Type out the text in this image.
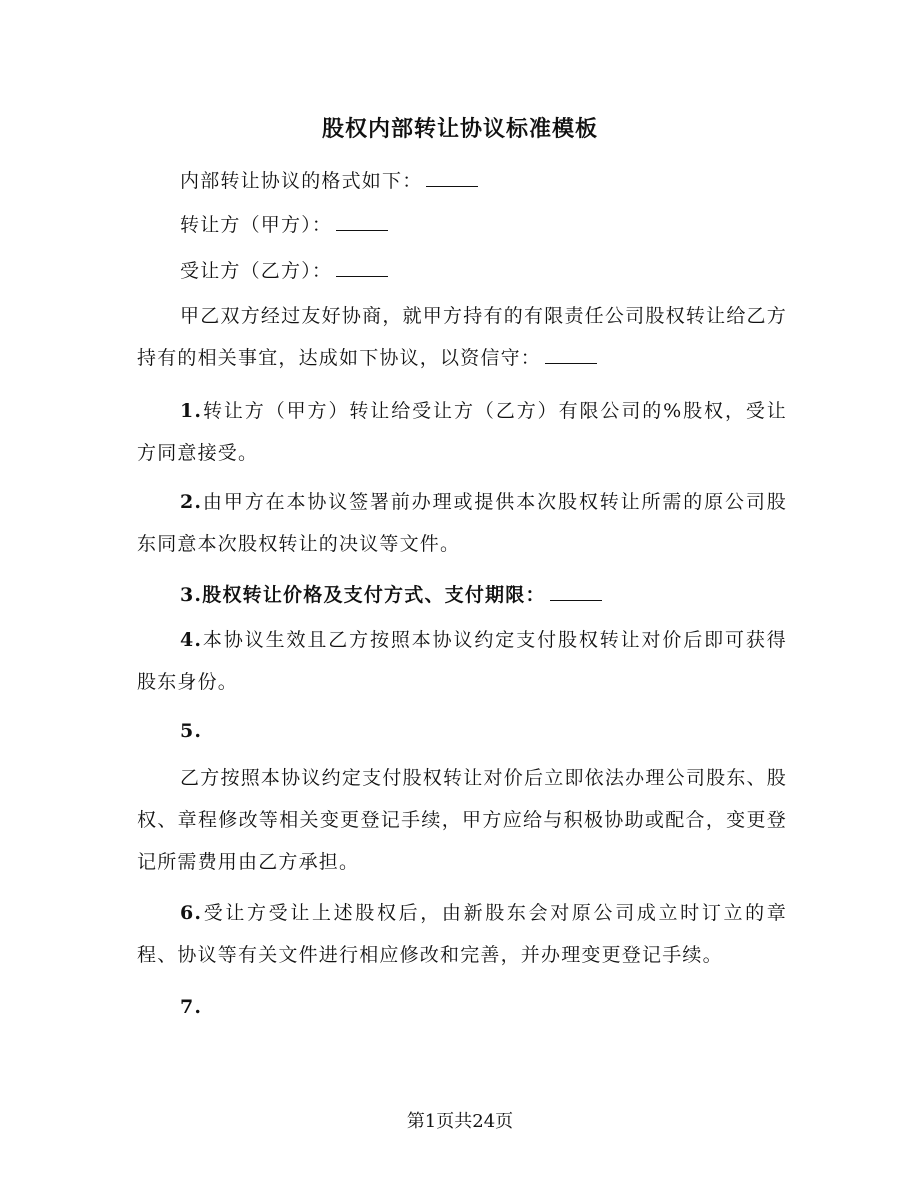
股权内部转让协议标准模板

内部转让协议的格式如下：

转让方（甲方）：

受让方（乙方）：

甲乙双方经过友好协商，就甲方持有的有限责任公司股权转让给乙方持有的相关事宜，达成如下协议，以资信守：

1.转让方（甲方）转让给受让方（乙方）有限公司的%股权，受让方同意接受。

2.由甲方在本协议签署前办理或提供本次股权转让所需的原公司股东同意本次股权转让的决议等文件。

3.股权转让价格及支付方式、支付期限：

4.本协议生效且乙方按照本协议约定支付股权转让对价后即可获得股东身份。

5.

乙方按照本协议约定支付股权转让对价后立即依法办理公司股东、股权、章程修改等相关变更登记手续，甲方应给与积极协助或配合，变更登记所需费用由乙方承担。

6.受让方受让上述股权后，由新股东会对原公司成立时订立的章程、协议等有关文件进行相应修改和完善，并办理变更登记手续。

7.

第1页共24页
